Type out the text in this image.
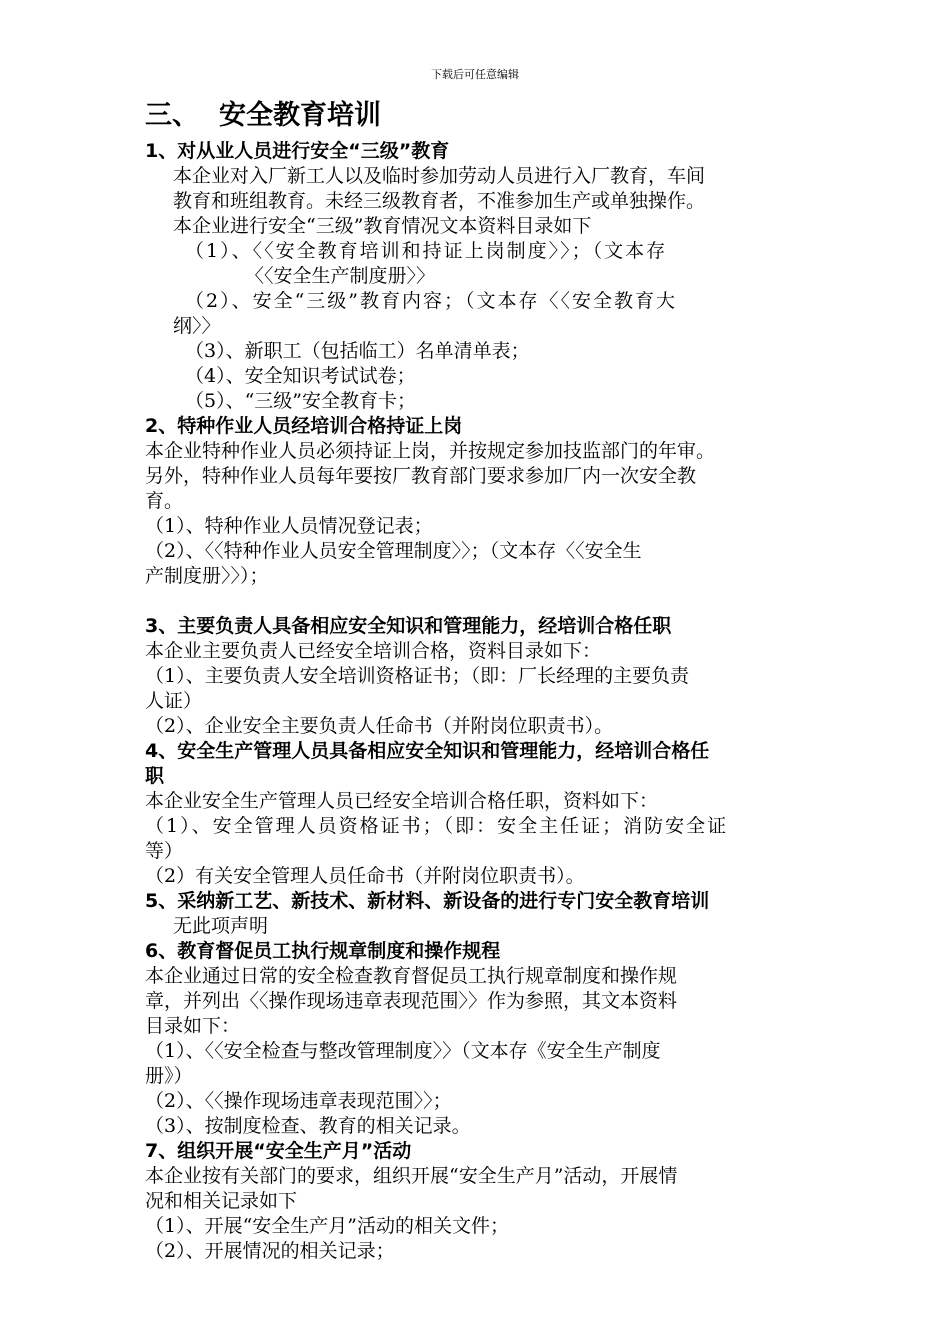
下载后可任意编辑
三、 安全教育培训
1、对从业人员进行安全“三级”教育

本企业对入厂新工人以及临时参加劳动人员进行入厂教育，车间

教育和班组教育。未经三级教育者，不准参加生产或单独操作。

本企业进行安全“三级”教育情况文本资料目录如下

（1）、〈〈安全教育培训和持证上岗制度〉〉；（文本存

〈〈安全生产制度册〉〉

（2）、安全“三级”教育内容；（文本存〈〈安全教育大

纲〉〉

（3）、新职工（包括临工）名单清单表；

（4）、安全知识考试试卷；

（5）、“三级”安全教育卡；

2、特种作业人员经培训合格持证上岗

本企业特种作业人员必须持证上岗，并按规定参加技监部门的年审。

另外，特种作业人员每年要按厂教育部门要求参加厂内一次安全教

育。

（1）、特种作业人员情况登记表；

（2）、〈〈特种作业人员安全管理制度〉〉；（文本存〈〈安全生

产制度册〉〉）；

3、主要负责人具备相应安全知识和管理能力，经培训合格任职

本企业主要负责人已经安全培训合格，资料目录如下：

（1）、主要负责人安全培训资格证书；（即：厂长经理的主要负责

人证）

（2）、企业安全主要负责人任命书（并附岗位职责书）。

4、安全生产管理人员具备相应安全知识和管理能力，经培训合格任
职

本企业安全生产管理人员已经安全培训合格任职，资料如下：

（1）、安全管理人员资格证书；（即：安全主任证；消防安全证

等）

（2）有关安全管理人员任命书（并附岗位职责书）。

5、采纳新工艺、新技术、新材料、新设备的进行专门安全教育培训

无此项声明

6、教育督促员工执行规章制度和操作规程

本企业通过日常的安全检查教育督促员工执行规章制度和操作规

章，并列出〈〈操作现场违章表现范围〉〉作为参照，其文本资料

目录如下：

（1）、〈〈安全检查与整改管理制度〉〉（文本存《安全生产制度

册》）

（2）、〈〈操作现场违章表现范围〉〉；

（3）、按制度检查、教育的相关记录。

7、组织开展“安全生产月”活动

本企业按有关部门的要求，组织开展“安全生产月”活动，开展情

况和相关记录如下

（1）、开展“安全生产月”活动的相关文件；

（2）、开展情况的相关记录；
